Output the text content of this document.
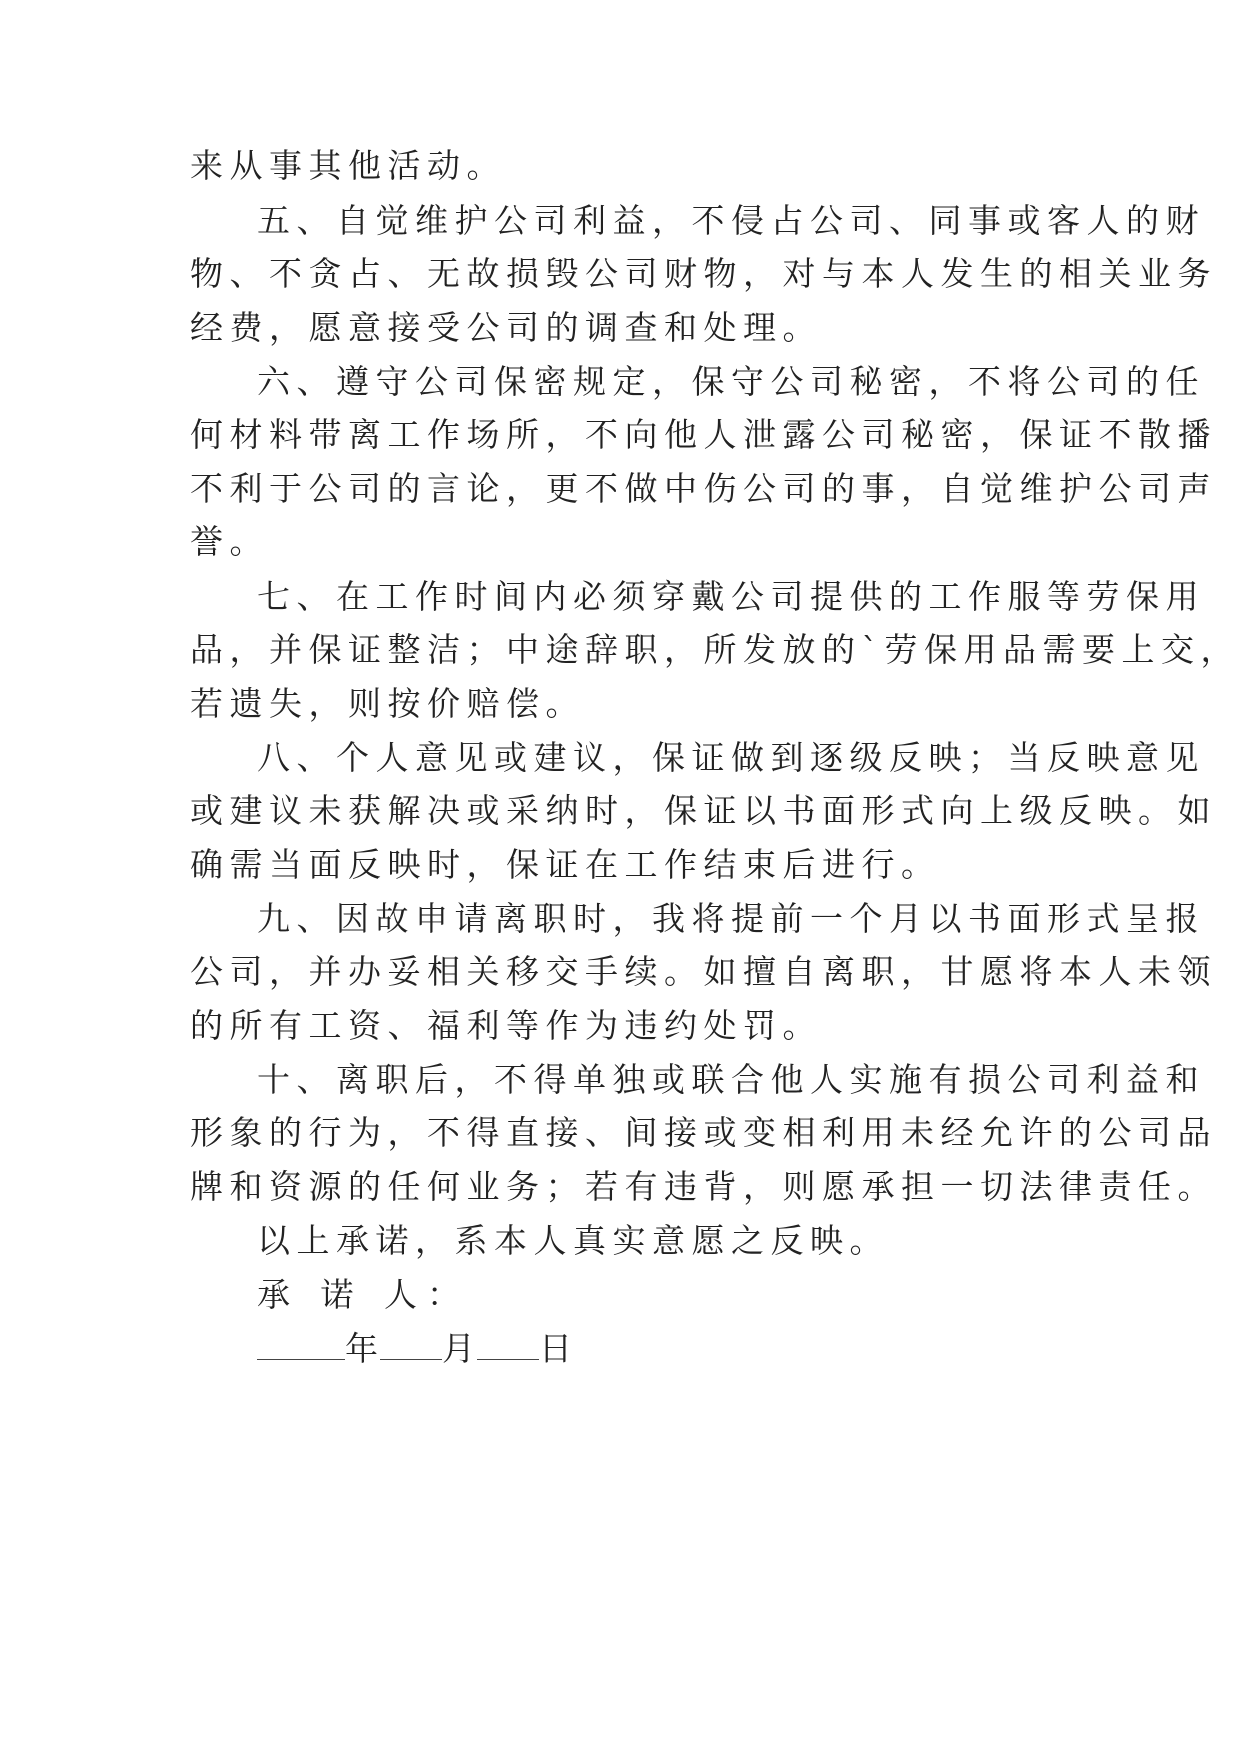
来从事其他活动。
五、自觉维护公司利益，不侵占公司、同事或客人的财
物、不贪占、无故损毁公司财物，对与本人发生的相关业务
经费，愿意接受公司的调查和处理。
六、遵守公司保密规定，保守公司秘密，不将公司的任
何材料带离工作场所，不向他人泄露公司秘密，保证不散播
不利于公司的言论，更不做中伤公司的事，自觉维护公司声
誉。
七、在工作时间内必须穿戴公司提供的工作服等劳保用
品，并保证整洁；中途辞职，所发放的`劳保用品需要上交，
若遗失，则按价赔偿。
八、个人意见或建议，保证做到逐级反映；当反映意见
或建议未获解决或采纳时，保证以书面形式向上级反映。如
确需当面反映时，保证在工作结束后进行。
九、因故申请离职时，我将提前一个月以书面形式呈报
公司，并办妥相关移交手续。如擅自离职，甘愿将本人未领
的所有工资、福利等作为违约处罚。
十、离职后，不得单独或联合他人实施有损公司利益和
形象的行为，不得直接、间接或变相利用未经允许的公司品
牌和资源的任何业务；若有违背，则愿承担一切法律责任。
以上承诺，系本人真实意愿之反映。
承 诺 人：
年 月 日
